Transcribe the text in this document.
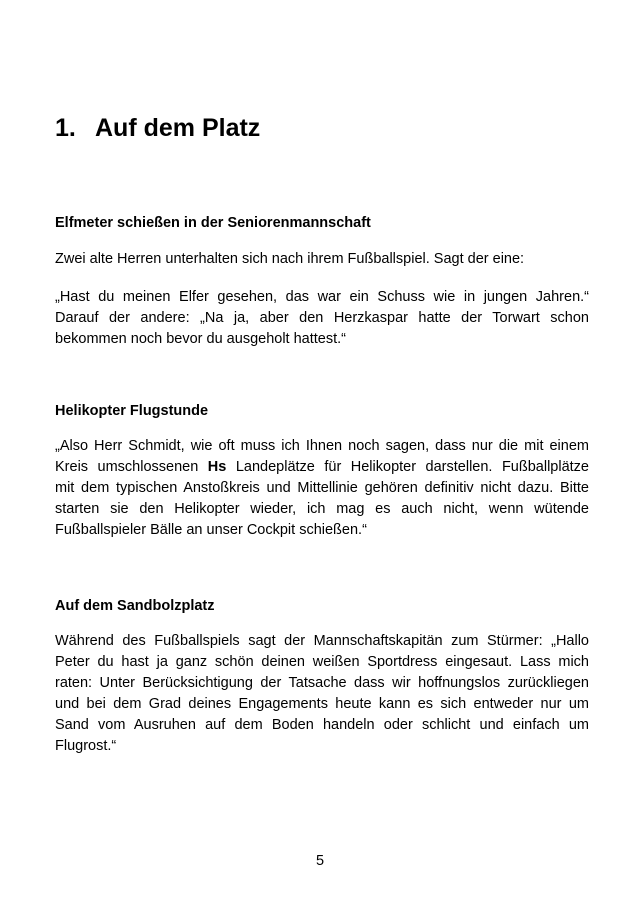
1. Auf dem Platz
Elfmeter schießen in der Seniorenmannschaft

Zwei alte Herren unterhalten sich nach ihrem Fußballspiel. Sagt der eine:

„Hast du meinen Elfer gesehen, das war ein Schuss wie in jungen Jahren.“
Darauf der andere: „Na ja, aber den Herzkaspar hatte der Torwart schon
bekommen noch bevor du ausgeholt hattest.“

Helikopter Flugstunde

„Also Herr Schmidt, wie oft muss ich Ihnen noch sagen, dass nur die mit einem
Kreis umschlossenen Hs Landeplätze für Helikopter darstellen. Fußballplätze
mit dem typischen Anstoßkreis und Mittellinie gehören definitiv nicht dazu. Bitte
starten sie den Helikopter wieder, ich mag es auch nicht, wenn wütende
Fußballspieler Bälle an unser Cockpit schießen.“

Auf dem Sandbolzplatz

Während des Fußballspiels sagt der Mannschaftskapitän zum Stürmer: „Hallo
Peter du hast ja ganz schön deinen weißen Sportdress eingesaut. Lass mich
raten: Unter Berücksichtigung der Tatsache dass wir hoffnungslos zurückliegen
und bei dem Grad deines Engagements heute kann es sich entweder nur um
Sand vom Ausruhen auf dem Boden handeln oder schlicht und einfach um
Flugrost.“

5
